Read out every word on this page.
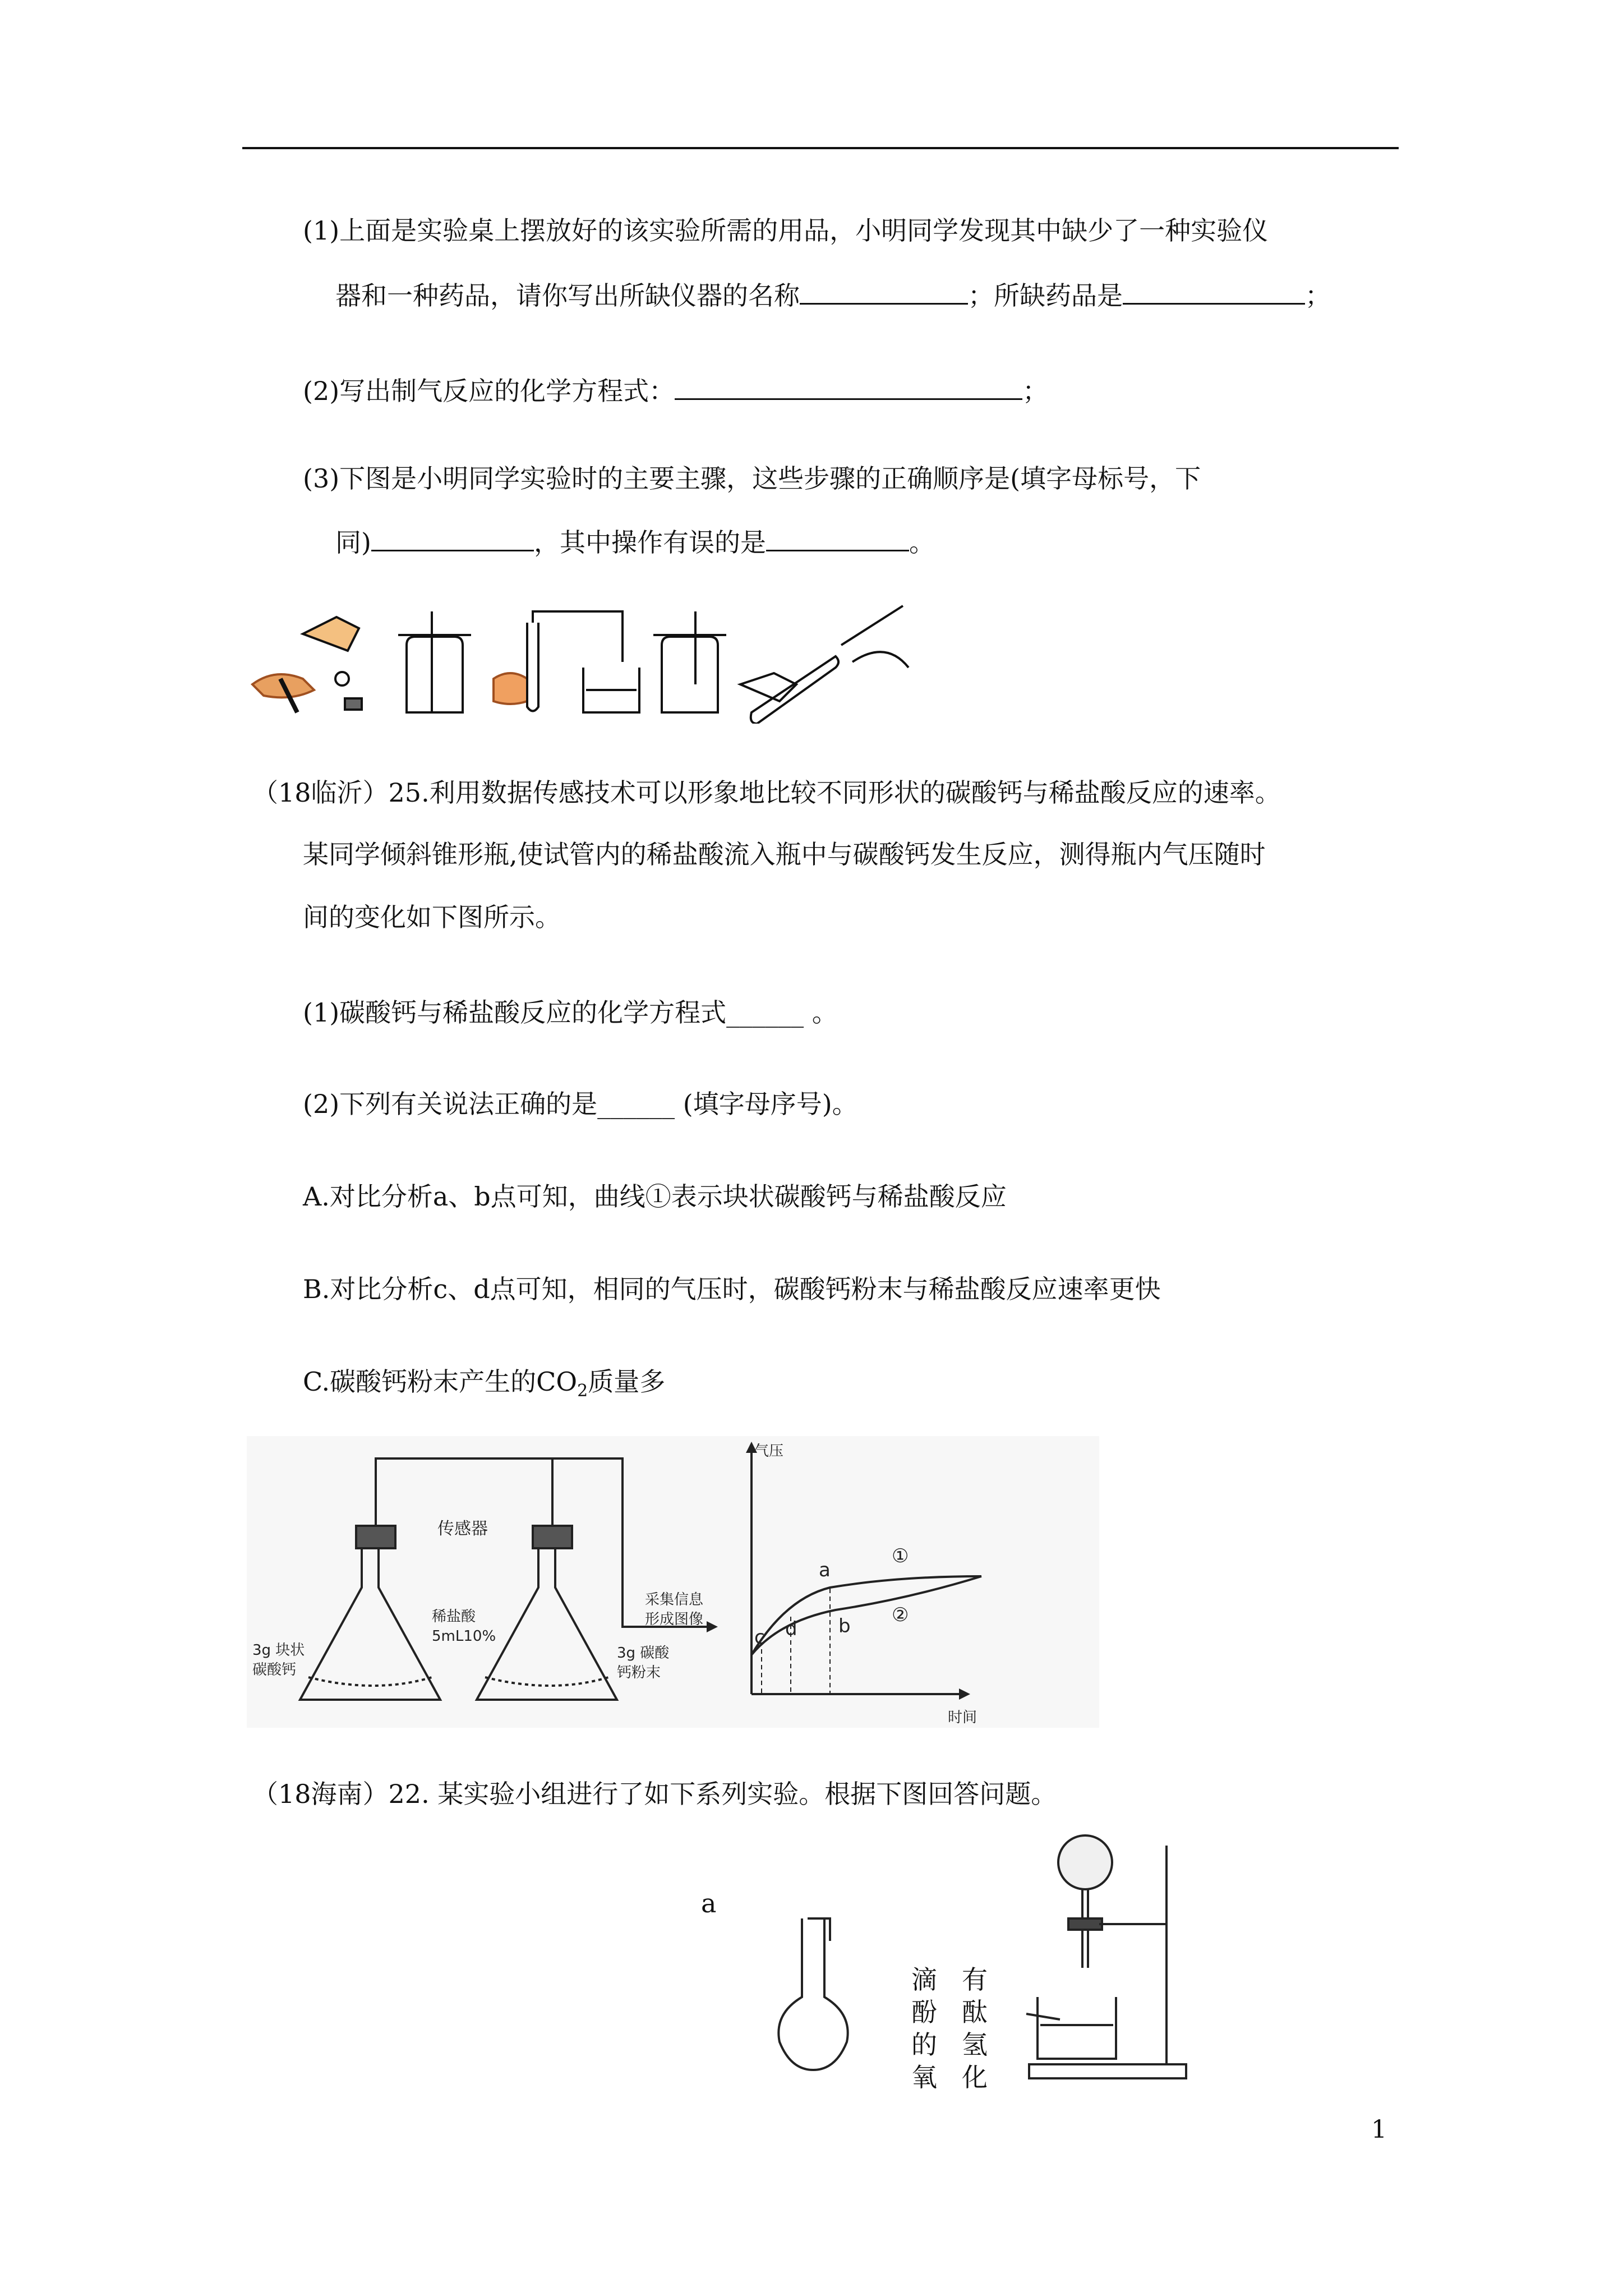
(1)上面是实验桌上摆放好的该实验所需的用品，小明同学发现其中缺少了一种实验仪
器和一种药品，请你写出所缺仪器的名称	；所缺药品是	；
(2)写出制气反应的化学方程式：	；
(3)下图是小明同学实验时的主要主骤，这些步骤的正确顺序是(填字母标号，下
同)	，其中操作有误的是	。
（18临沂）25.利用数据传感技术可以形象地比较不同形状的碳酸钙与稀盐酸反应的速率。
某同学倾斜锥形瓶,使试管内的稀盐酸流入瓶中与碳酸钙发生反应，测得瓶内气压随时
间的变化如下图所示。
(1)碳酸钙与稀盐酸反应的化学方程式______ 。
(2)下列有关说法正确的是______ (填字母序号)。
A.对比分析a、b点可知，曲线①表示块状碳酸钙与稀盐酸反应
B.对比分析c、d点可知，相同的气压时，碳酸钙粉末与稀盐酸反应速率更快
C.碳酸钙粉末产生的$CO_2$质量多
传感器
3g 块状
碳酸钙
稀盐酸
5mL10%
3g 碳酸
钙粉末
采集信息
形成图像
气压
时间
a
b
c d
①
②
（18海南）22. 某实验小组进行了如下系列实验。根据下图回答问题。
a
滴
酚
的
氧
有
酞
氢
化
1
